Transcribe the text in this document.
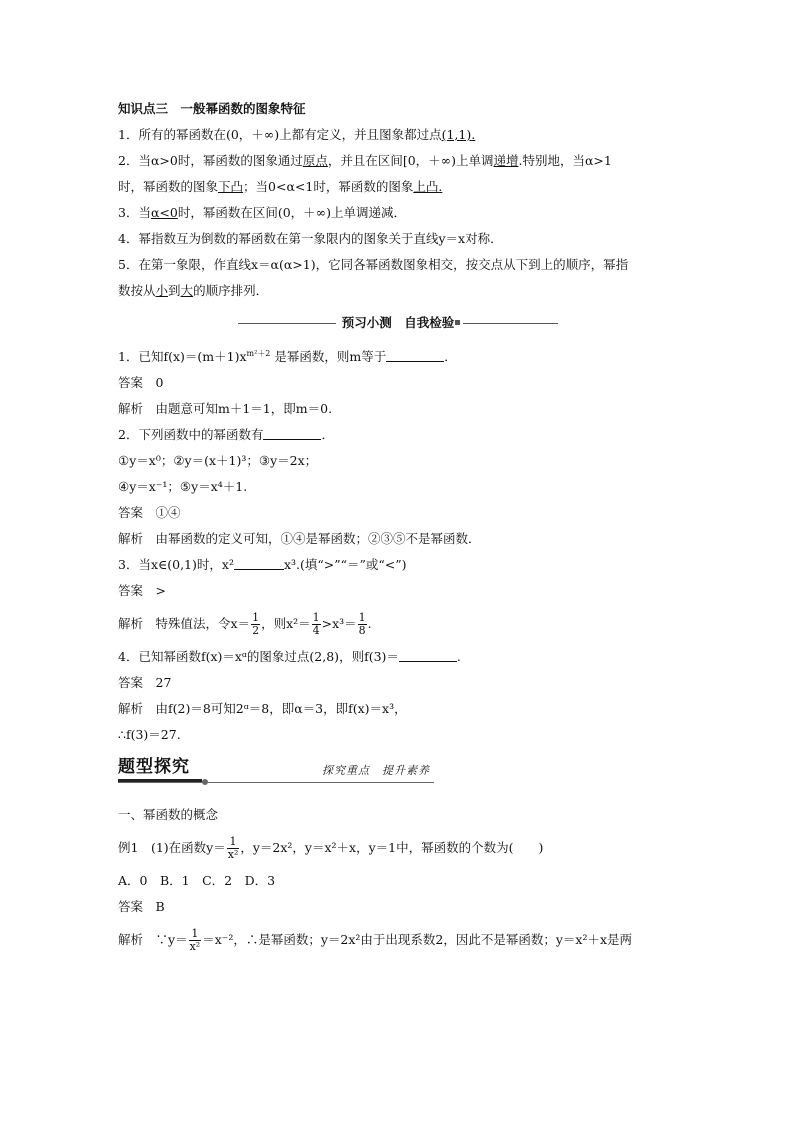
知识点三　一般幂函数的图象特征
1．所有的幂函数在(0，＋∞)上都有定义，并且图象都过点(1,1).
2．当α>0时，幂函数的图象通过原点，并且在区间[0，＋∞)上单调递增.特别地，当α>1
时，幂函数的图象下凸；当0<α<1时，幂函数的图象上凸.
3．当α<0时，幂函数在区间(0，＋∞)上单调递减．
4．幂指数互为倒数的幂函数在第一象限内的图象关于直线y＝x对称．
5．在第一象限，作直线x＝α(α>1)，它同各幂函数图象相交，按交点从下到上的顺序，幂指
数按从小到大的顺序排列．
预习小测　自我检验
1．已知$f(x)=(m+1)x^{m^2+2}$ 是幂函数，则m等于	．
答案　0
解析　由题意可知m＋1＝1，即m＝0.
2．下列函数中的幂函数有	．
①y＝x⁰；②y＝(x＋1)³；③y＝2x；
④y＝x⁻¹；⑤y＝x⁴＋1.
答案　①④
解析　由幂函数的定义可知，①④是幂函数；②③⑤不是幂函数．
3．当x∈(0,1)时，x²	x³.(填“>”“＝”或“<”)
答案　>
解析　特殊值法，令$x= \frac{1}{2}$ ，则$x^2= \frac{1}{4} >x^3= \frac{1}{8}$ .
4．已知幂函数f(x)＝xᵅ的图象过点(2,8)，则f(3)＝	.
答案　27
解析　由f(2)＝8可知2ᵅ＝8，即α＝3，即f(x)＝x³，
∴f(3)＝27.
题型探究	探究重点　提升素养
一、幂函数的概念
例1　(1)在函数$y= \frac{1}{\text{x²}}$ ，y＝2x²，y＝x²＋x，y＝1中，幂函数的个数为(　　)
A．0　B．1　C．2　D．3
答案　B
解析　∵y＝ $\frac{1}{\text{x²}} =x^{-2}$，∴是幂函数；y＝2x²由于出现系数2，因此不是幂函数；y＝x²＋x是两
